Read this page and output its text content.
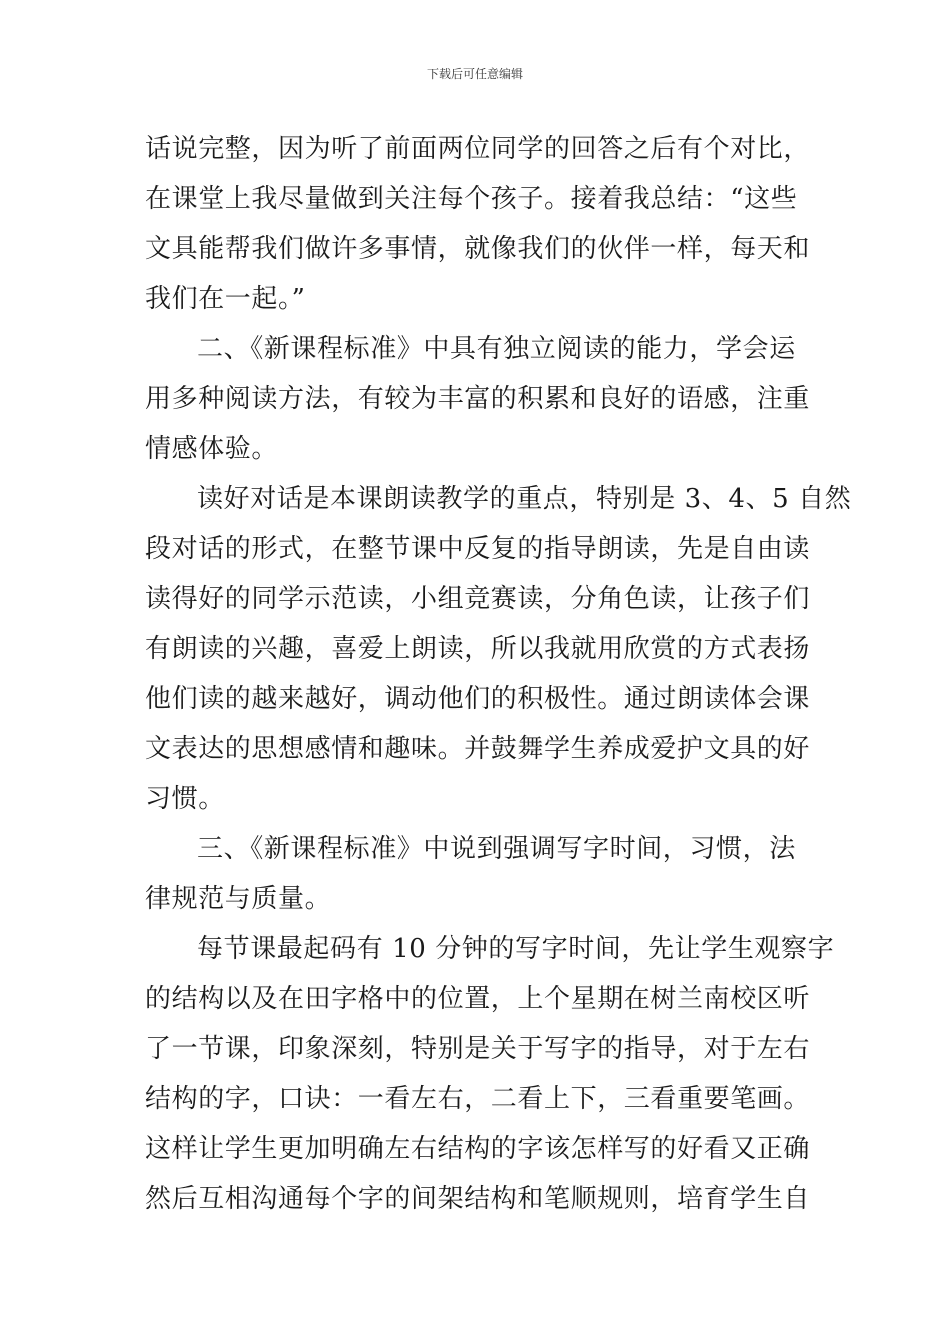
下载后可任意编辑
话说完整，因为听了前面两位同学的回答之后有个对比，
在课堂上我尽量做到关注每个孩子。接着我总结：“这些
文具能帮我们做许多事情，就像我们的伙伴一样，每天和
我们在一起。”
二、《新课程标准》中具有独立阅读的能力，学会运
用多种阅读方法，有较为丰富的积累和良好的语感，注重
情感体验。
读好对话是本课朗读教学的重点，特别是 3、4、5 自然
段对话的形式，在整节课中反复的指导朗读，先是自由读
读得好的同学示范读，小组竞赛读，分角色读，让孩子们
有朗读的兴趣，喜爱上朗读，所以我就用欣赏的方式表扬
他们读的越来越好，调动他们的积极性。通过朗读体会课
文表达的思想感情和趣味。并鼓舞学生养成爱护文具的好
习惯。
三、《新课程标准》中说到强调写字时间，习惯，法
律规范与质量。
每节课最起码有 10 分钟的写字时间，先让学生观察字
的结构以及在田字格中的位置，上个星期在树兰南校区听
了一节课，印象深刻，特别是关于写字的指导，对于左右
结构的字，口诀：一看左右，二看上下，三看重要笔画。
这样让学生更加明确左右结构的字该怎样写的好看又正确
然后互相沟通每个字的间架结构和笔顺规则，培育学生自
